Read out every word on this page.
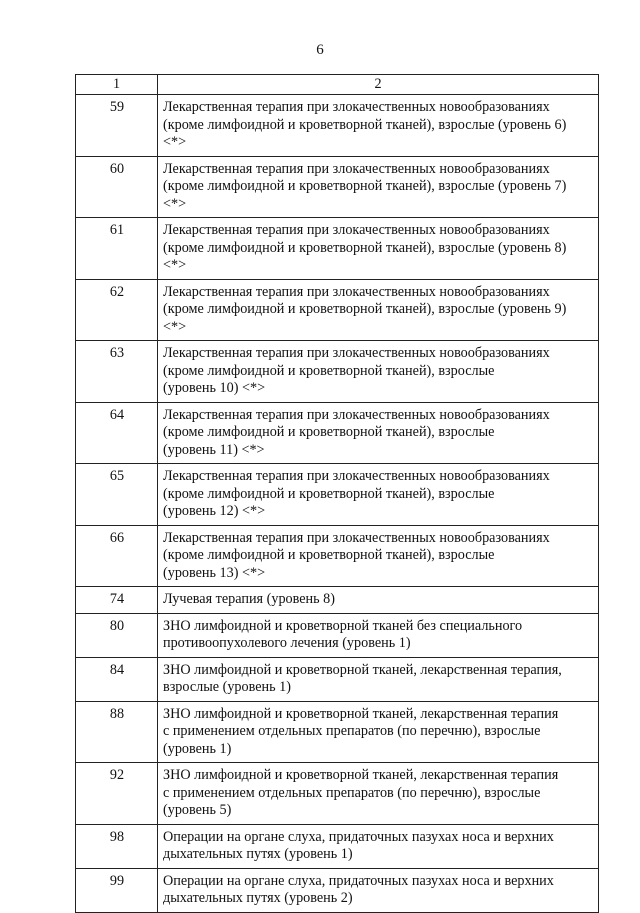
6
1	2
59	Лекарственная терапия при злокачественных новообразованиях
(кроме лимфоидной и кроветворной тканей), взрослые (уровень 6)
<*>

60	Лекарственная терапия при злокачественных новообразованиях
(кроме лимфоидной и кроветворной тканей), взрослые (уровень 7)
<*>

61	Лекарственная терапия при злокачественных новообразованиях
(кроме лимфоидной и кроветворной тканей), взрослые (уровень 8)
<*>

62	Лекарственная терапия при злокачественных новообразованиях
(кроме лимфоидной и кроветворной тканей), взрослые (уровень 9)
<*>

63	Лекарственная терапия при злокачественных новообразованиях
(кроме лимфоидной и кроветворной тканей), взрослые
(уровень 10) <*>

64	Лекарственная терапия при злокачественных новообразованиях
(кроме лимфоидной и кроветворной тканей), взрослые
(уровень 11) <*>

65	Лекарственная терапия при злокачественных новообразованиях
(кроме лимфоидной и кроветворной тканей), взрослые
(уровень 12) <*>

66	Лекарственная терапия при злокачественных новообразованиях
(кроме лимфоидной и кроветворной тканей), взрослые
(уровень 13) <*>

74	Лучевая терапия (уровень 8)

80	ЗНО лимфоидной и кроветворной тканей без специального
противоопухолевого лечения (уровень 1)

84	ЗНО лимфоидной и кроветворной тканей, лекарственная терапия,
взрослые (уровень 1)

88	ЗНО лимфоидной и кроветворной тканей, лекарственная терапия
с применением отдельных препаратов (по перечню), взрослые
(уровень 1)

92	ЗНО лимфоидной и кроветворной тканей, лекарственная терапия
с применением отдельных препаратов (по перечню), взрослые
(уровень 5)

98	Операции на органе слуха, придаточных пазухах носа и верхних
дыхательных путях (уровень 1)

99	Операции на органе слуха, придаточных пазухах носа и верхних
дыхательных путях (уровень 2)
